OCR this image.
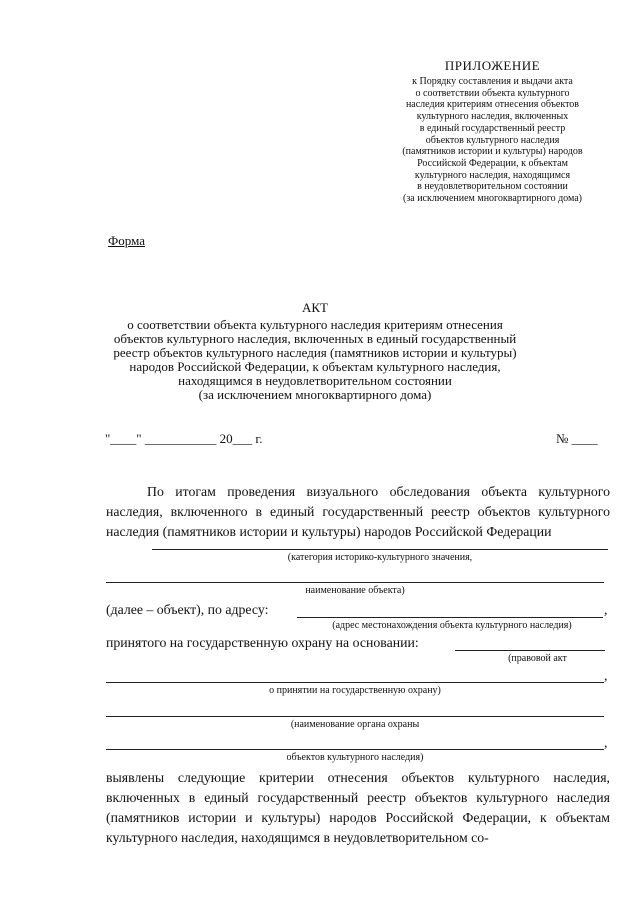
ПРИЛОЖЕНИЕ
к Порядку составления и выдачи акта
о соответствии объекта культурного
наследия критериям отнесения объектов
культурного наследия, включенных
в единый государственный реестр
объектов культурного наследия
(памятников истории и культуры) народов
Российской Федерации, к объектам
культурного наследия, находящимся
в неудовлетворительном состоянии
(за исключением многоквартирного дома)
Форма
АКТ
о соответствии объекта культурного наследия критериям отнесения
объектов культурного наследия, включенных в единый государственный
реестр объектов культурного наследия (памятников истории и культуры)
народов Российской Федерации, к объектам культурного наследия,
находящимся в неудовлетворительном состоянии
(за исключением многоквартирного дома)
"____" ___________ 20___ г.	№ ____
По итогам проведения визуального обследования объекта культурного наследия, включенного в единый государственный реестр объектов культурного наследия (памятников истории и культуры) народов Российской Федерации
(категория историко-культурного значения,
наименование объекта)
(далее – объект), по адресу:	,
(адрес местонахождения объекта культурного наследия)
принятого на государственную охрану на основании:
(правовой акт
,
о принятии на государственную охрану)
(наименование органа охраны
,
объектов культурного наследия)
выявлены следующие критерии отнесения объектов культурного наследия, включенных в единый государственный реестр объектов культурного наследия (памятников истории и культуры) народов Российской Федерации, к объектам культурного наследия, находящимся в неудовлетворительном со-
